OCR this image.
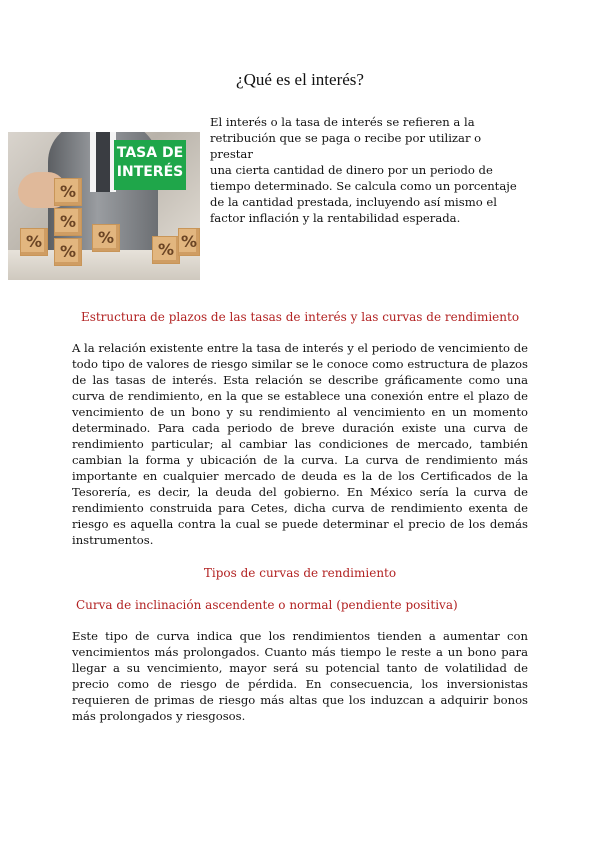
¿Qué es el interés?
%
%
%
%	%
% %
TASA DE
INTERÉS
El interés o la tasa de interés se refieren a la retribución que se paga o recibe por utilizar o prestar
una cierta cantidad de dinero por un periodo de tiempo determinado. Se calcula como un porcentaje
de la cantidad prestada, incluyendo así mismo el factor inflación y la rentabilidad esperada.
Estructura de plazos de las tasas de interés y las curvas de rendimiento
A la relación existente entre la tasa de interés y el periodo de vencimiento de todo tipo de valores de riesgo similar se le conoce como estructura de plazos de las tasas de interés. Esta relación se describe gráficamente como una curva de rendimiento, en la que se establece una conexión entre el plazo de vencimiento de un bono y su rendimiento al vencimiento en un momento determinado. Para cada periodo de breve duración existe una curva de rendimiento particular; al cambiar las condiciones de mercado, también cambian la forma y ubicación de la curva. La curva de rendimiento más importante en cualquier mercado de deuda es la de los Certificados de la Tesorería, es decir, la deuda del gobierno. En México sería la curva de rendimiento construida para Cetes, dicha curva de rendimiento exenta de riesgo es aquella contra la cual se puede determinar el precio de los demás instrumentos.
Tipos de curvas de rendimiento
Curva de inclinación ascendente o normal (pendiente positiva)
Este tipo de curva indica que los rendimientos tienden a aumentar con vencimientos más prolongados. Cuanto más tiempo le reste a un bono para llegar a su vencimiento, mayor será su potencial tanto de volatilidad de precio como de riesgo de pérdida. En consecuencia, los inversionistas requieren de primas de riesgo más altas que los induzcan a adquirir bonos más prolongados y riesgosos.
